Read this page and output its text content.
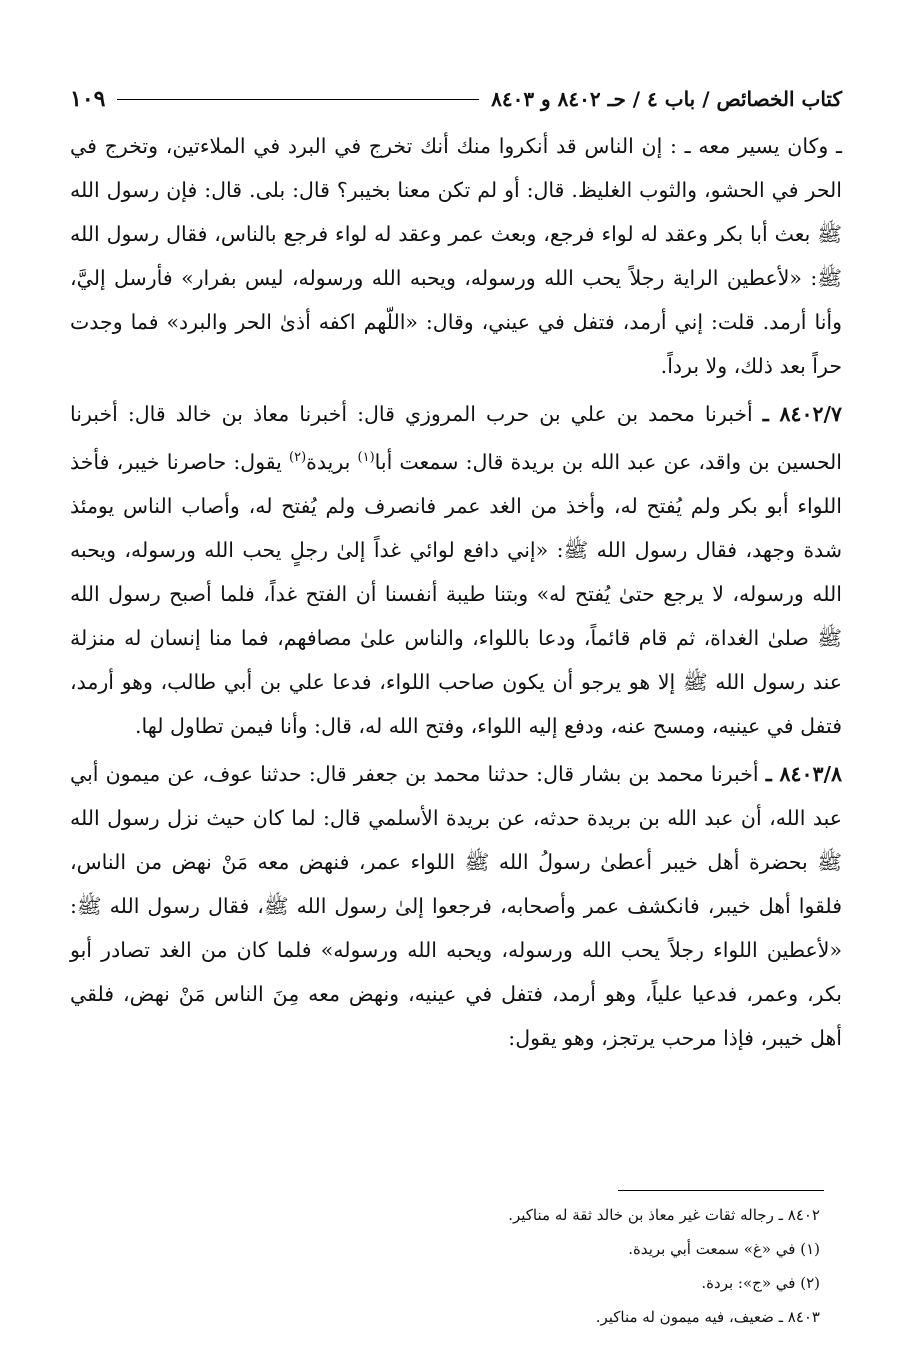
كتاب الخصائص / باب ٤ / حـ ٨٤٠٢ و ٨٤٠٣
١٠٩

ـ وكان يسير معه ـ : إن الناس قد أنكروا منك أنك تخرج في البرد في الملاءتين، وتخرج في الحر في الحشو، والثوب الغليظ. قال: أو لم تكن معنا بخيبر؟ قال: بلى. قال: فإن رسول الله ﷺ بعث أبا بكر وعقد له لواء فرجع، وبعث عمر وعقد له لواء فرجع بالناس، فقال رسول الله ﷺ: «لأعطين الراية رجلاً يحب الله ورسوله، ويحبه الله ورسوله، ليس بفرار» فأرسل إليَّ، وأنا أرمد. قلت: إني أرمد، فتفل في عيني، وقال: «اللّهم اكفه أذىٰ الحر والبرد» فما وجدت حراً بعد ذلك، ولا برداً.

٨٤٠٢/٧ ـ أخبرنا محمد بن علي بن حرب المروزي قال: أخبرنا معاذ بن خالد قال: أخبرنا الحسين بن واقد، عن عبد الله بن بريدة قال: سمعت أبا$^{(١)}$ بريدة$^{(٢)}$ يقول: حاصرنا خيبر، فأخذ اللواء أبو بكر ولم يُفتح له، وأخذ من الغد عمر فانصرف ولم يُفتح له، وأصاب الناس يومئذ شدة وجهد، فقال رسول الله ﷺ: «إني دافع لوائي غداً إلىٰ رجلٍ يحب الله ورسوله، ويحبه الله ورسوله، لا يرجع حتىٰ يُفتح له» وبتنا طيبة أنفسنا أن الفتح غداً، فلما أصبح رسول الله ﷺ صلىٰ الغداة، ثم قام قائماً، ودعا باللواء، والناس علىٰ مصافهم، فما منا إنسان له منزلة عند رسول الله ﷺ إلا هو يرجو أن يكون صاحب اللواء، فدعا علي بن أبي طالب، وهو أرمد، فتفل في عينيه، ومسح عنه، ودفع إليه اللواء، وفتح الله له، قال: وأنا فيمن تطاول لها.

٨٤٠٣/٨ ـ أخبرنا محمد بن بشار قال: حدثنا محمد بن جعفر قال: حدثنا عوف، عن ميمون أبي عبد الله، أن عبد الله بن بريدة حدثه، عن بريدة الأسلمي قال: لما كان حيث نزل رسول الله ﷺ بحضرة أهل خيبر أعطىٰ رسولُ الله ﷺ اللواء عمر، فنهض معه مَنْ نهض من الناس، فلقوا أهل خيبر، فانكشف عمر وأصحابه، فرجعوا إلىٰ رسول الله ﷺ، فقال رسول الله ﷺ: «لأعطين اللواء رجلاً يحب الله ورسوله، ويحبه الله ورسوله» فلما كان من الغد تصادر أبو بكر، وعمر، فدعيا علياً، وهو أرمد، فتفل في عينيه، ونهض معه مِنَ الناس مَنْ نهض، فلقي أهل خيبر، فإذا مرحب يرتجز، وهو يقول:

٨٤٠٢ ـ رجاله ثقات غير معاذ بن خالد ثقة له مناكير.
(١) في «غ» سمعت أبي بريدة.
(٢) في «ج»: بردة.
٨٤٠٣ ـ ضعيف، فيه ميمون له مناكير.
